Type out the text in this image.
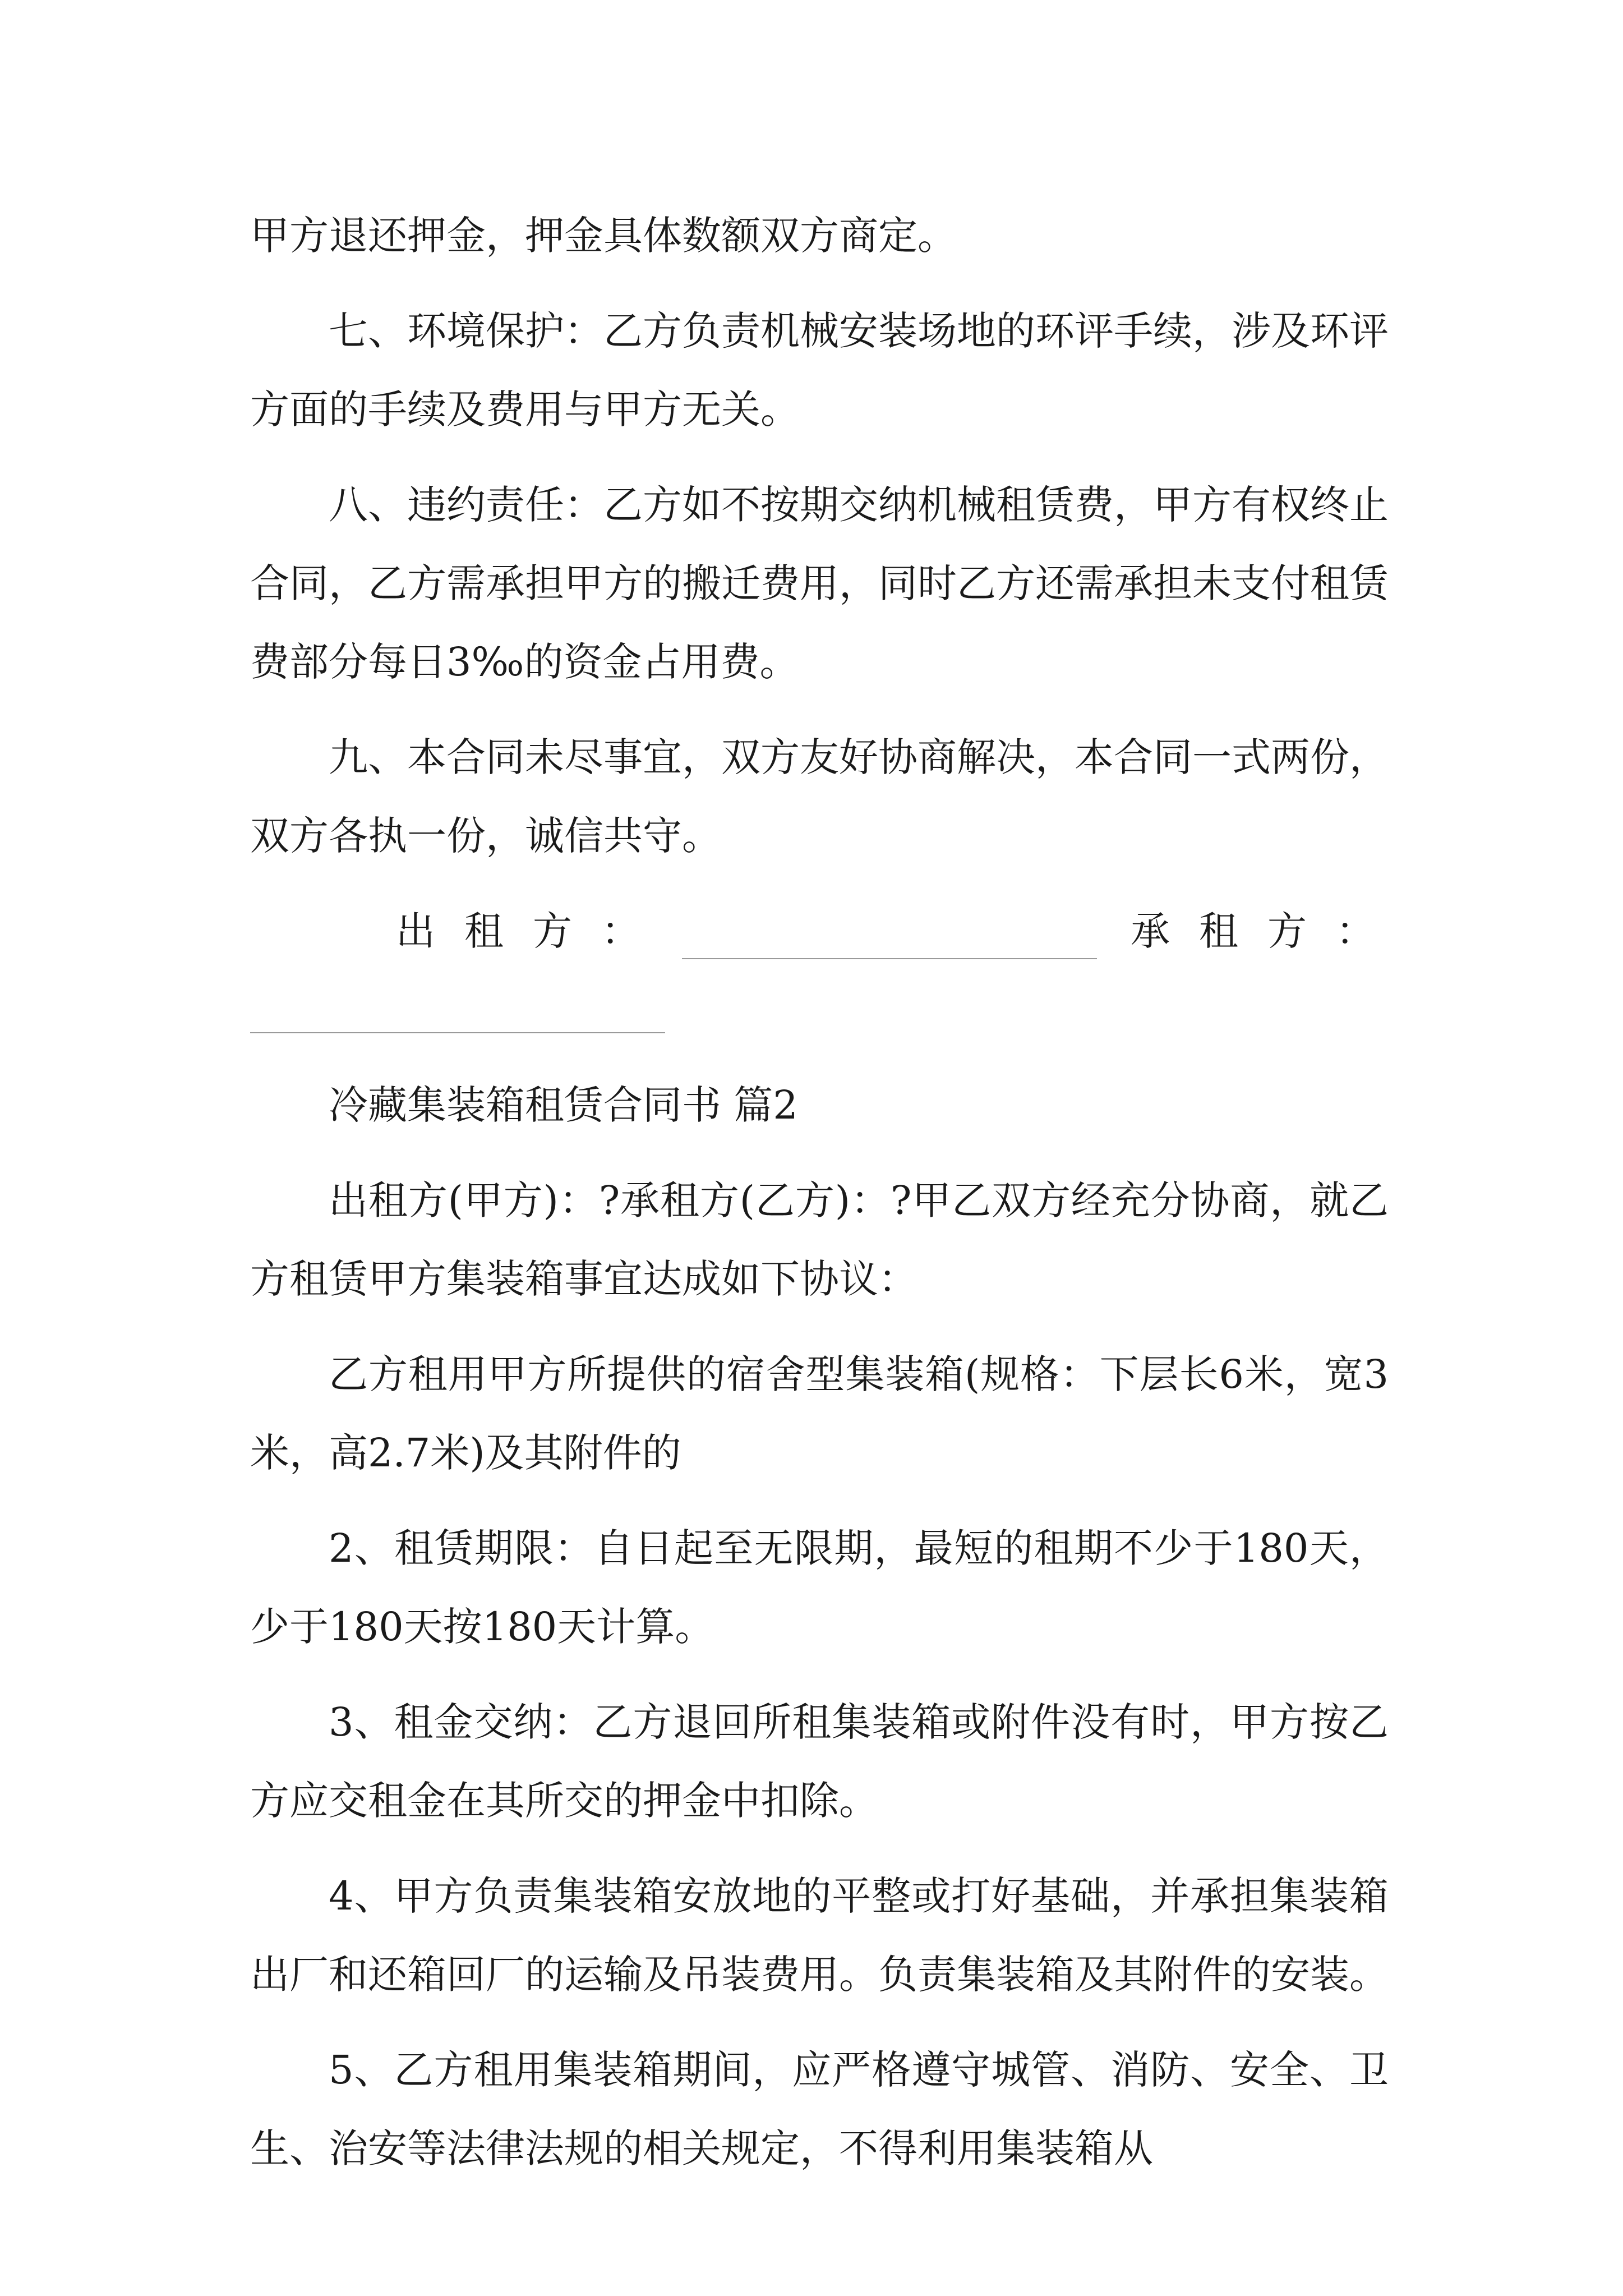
甲方退还押金，押金具体数额双方商定。

七、环境保护：乙方负责机械安装场地的环评手续，涉及环评方面的手续及费用与甲方无关。

八、违约责任：乙方如不按期交纳机械租赁费，甲方有权终止合同，乙方需承担甲方的搬迁费用，同时乙方还需承担未支付租赁费部分每日3‰的资金占用费。

九、本合同未尽事宜，双方友好协商解决，本合同一式两份，双方各执一份，诚信共守。

出租方：	承租方：

冷藏集装箱租赁合同书 篇2

出租方(甲方)：?承租方(乙方)：?甲乙双方经充分协商，就乙方租赁甲方集装箱事宜达成如下协议：

乙方租用甲方所提供的宿舍型集装箱(规格：下层长6米，宽3米，高2.7米)及其附件的

2、租赁期限：自日起至无限期，最短的租期不少于180天，少于180天按180天计算。

3、租金交纳：乙方退回所租集装箱或附件没有时，甲方按乙方应交租金在其所交的押金中扣除。

4、甲方负责集装箱安放地的平整或打好基础，并承担集装箱出厂和还箱回厂的运输及吊装费用。负责集装箱及其附件的安装。

5、乙方租用集装箱期间，应严格遵守城管、消防、安全、卫生、治安等法律法规的相关规定，不得利用集装箱从
